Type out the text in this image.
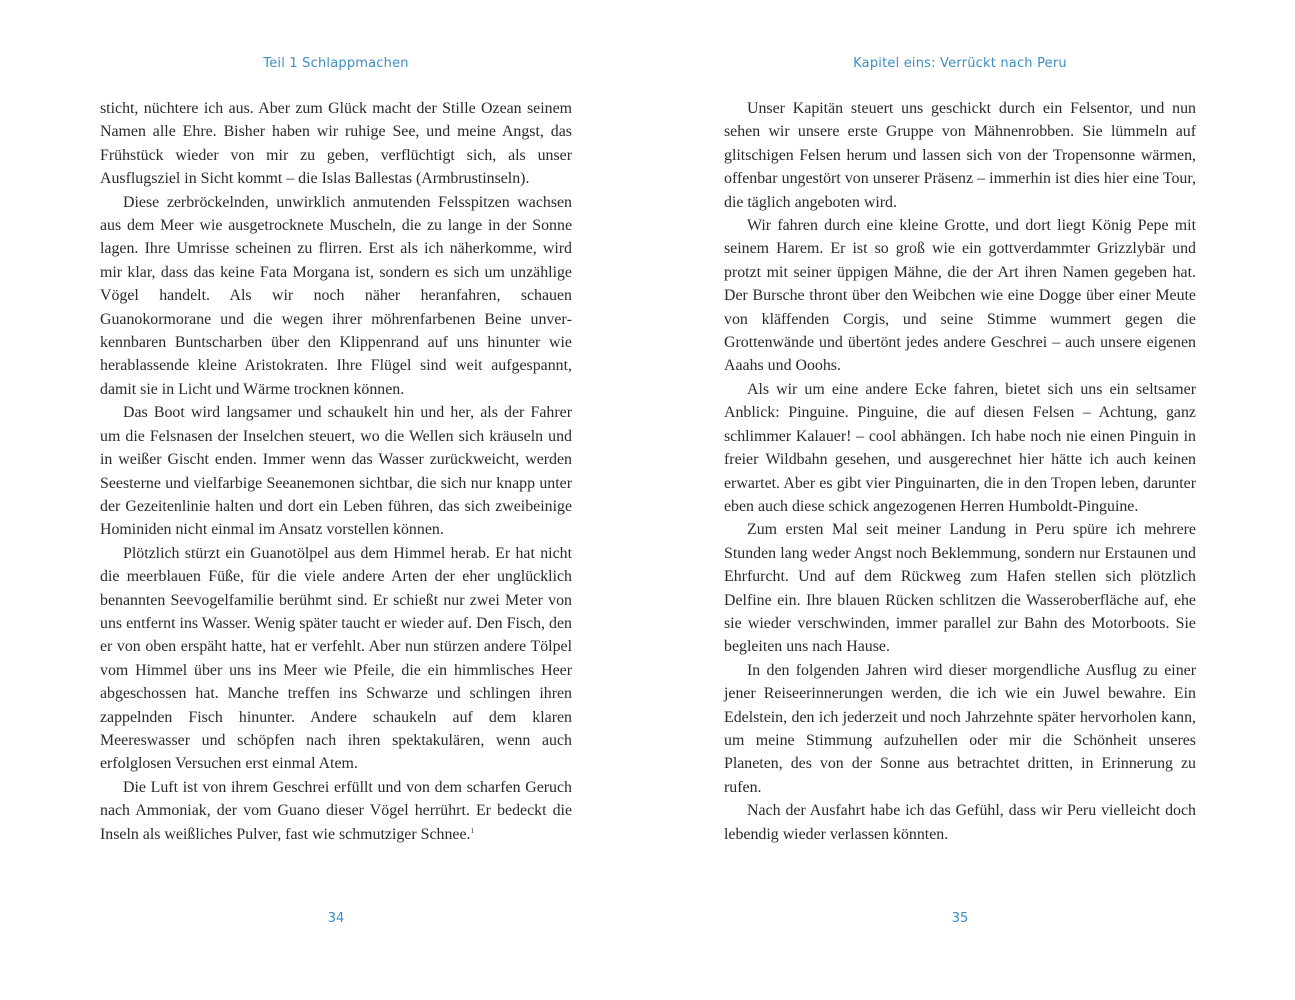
Teil 1 Schlappmachen

sticht, nüchtere ich aus. Aber zum Glück macht der Stille Ozean seinem Namen alle Ehre. Bisher haben wir ruhige See, und meine Angst, das Frühstück wieder von mir zu geben, verflüchtigt sich, als unser Ausflugsziel in Sicht kommt – die Islas Ballestas (Armbrustinseln).

Diese zerbröckelnden, unwirklich anmutenden Felsspitzen wachsen aus dem Meer wie ausgetrocknete Muscheln, die zu lange in der Sonne lagen. Ihre Umrisse scheinen zu flirren. Erst als ich näherkomme, wird mir klar, dass das keine Fata Morgana ist, sondern es sich um unzählige Vögel handelt. Als wir noch näher heranfahren, schauen Guanokormorane und die wegen ihrer möhrenfarbenen Beine unverkennbaren Buntscharben über den Klippenrand auf uns hinunter wie herablassende kleine Aristokraten. Ihre Flügel sind weit aufgespannt, damit sie in Licht und Wärme trocknen können.

Das Boot wird langsamer und schaukelt hin und her, als der Fahrer um die Felsnasen der Inselchen steuert, wo die Wellen sich kräuseln und in weißer Gischt enden. Immer wenn das Wasser zurückweicht, werden Seesterne und vielfarbige Seeanemonen sichtbar, die sich nur knapp unter der Gezeitenlinie halten und dort ein Leben führen, das sich zweibeinige Hominiden nicht einmal im Ansatz vorstellen können.

Plötzlich stürzt ein Guanotölpel aus dem Himmel herab. Er hat nicht die meerblauen Füße, für die viele andere Arten der eher unglücklich benannten Seevogelfamilie berühmt sind. Er schießt nur zwei Meter von uns entfernt ins Wasser. Wenig später taucht er wieder auf. Den Fisch, den er von oben erspäht hatte, hat er verfehlt. Aber nun stürzen andere Tölpel vom Himmel über uns ins Meer wie Pfeile, die ein himmlisches Heer abgeschossen hat. Manche treffen ins Schwarze und schlingen ihren zappelnden Fisch hinunter. Andere schaukeln auf dem klaren Meereswasser und schöpfen nach ihren spektakulären, wenn auch erfolglosen Versuchen erst einmal Atem.

Die Luft ist von ihrem Geschrei erfüllt und von dem scharfen Geruch nach Ammoniak, der vom Guano dieser Vögel herrührt. Er bedeckt die Inseln als weißliches Pulver, fast wie schmutziger Schnee.$^1$

34
Kapitel eins: Verrückt nach Peru

Unser Kapitän steuert uns geschickt durch ein Felsentor, und nun sehen wir unsere erste Gruppe von Mähnenrobben. Sie lümmeln auf glitschigen Felsen herum und lassen sich von der Tropensonne wärmen, offenbar ungestört von unserer Präsenz – immerhin ist dies hier eine Tour, die täglich angeboten wird.

Wir fahren durch eine kleine Grotte, und dort liegt König Pepe mit seinem Harem. Er ist so groß wie ein gottverdammter Grizzlybär und protzt mit seiner üppigen Mähne, die der Art ihren Namen gegeben hat. Der Bursche thront über den Weibchen wie eine Dogge über einer Meute von kläffenden Corgis, und seine Stimme wummert gegen die Grottenwände und übertönt jedes andere Geschrei – auch unsere eigenen Aaahs und Ooohs.

Als wir um eine andere Ecke fahren, bietet sich uns ein seltsamer Anblick: Pinguine. Pinguine, die auf diesen Felsen – Achtung, ganz schlimmer Kalauer! – cool abhängen. Ich habe noch nie einen Pinguin in freier Wildbahn gesehen, und ausgerechnet hier hätte ich auch keinen erwartet. Aber es gibt vier Pinguinarten, die in den Tropen leben, darunter eben auch diese schick angezogenen Herren Humboldt-Pinguine.

Zum ersten Mal seit meiner Landung in Peru spüre ich mehrere Stunden lang weder Angst noch Beklemmung, sondern nur Erstaunen und Ehrfurcht. Und auf dem Rückweg zum Hafen stellen sich plötzlich Delfine ein. Ihre blauen Rücken schlitzen die Wasseroberfläche auf, ehe sie wieder verschwinden, immer parallel zur Bahn des Motorboots. Sie begleiten uns nach Hause.

In den folgenden Jahren wird dieser morgendliche Ausflug zu einer jener Reiseerinnerungen werden, die ich wie ein Juwel bewahre. Ein Edelstein, den ich jederzeit und noch Jahrzehnte später hervorholen kann, um meine Stimmung aufzuhellen oder mir die Schönheit unseres Planeten, des von der Sonne aus betrachtet dritten, in Erinnerung zu rufen.

Nach der Ausfahrt habe ich das Gefühl, dass wir Peru vielleicht doch lebendig wieder verlassen könnten.

35
